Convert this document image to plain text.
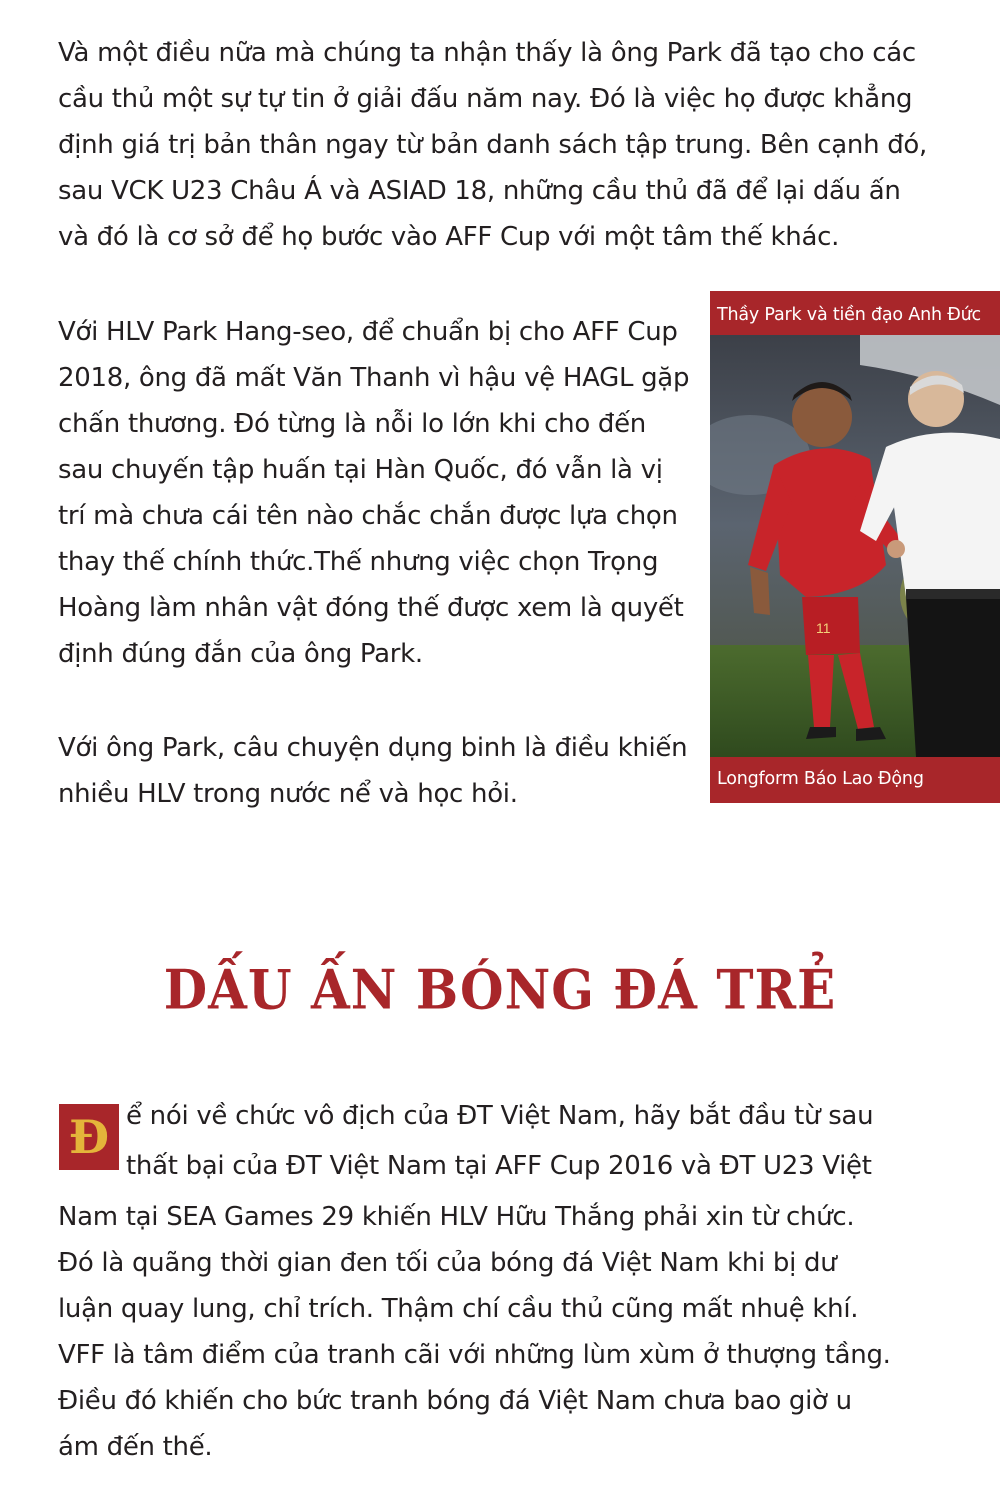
Và một điều nữa mà chúng ta nhận thấy là ông Park đã tạo cho các
cầu thủ một sự tự tin ở giải đấu năm nay. Đó là việc họ được khẳng
định giá trị bản thân ngay từ bản danh sách tập trung. Bên cạnh đó,
sau VCK U23 Châu Á và ASIAD 18, những cầu thủ đã để lại dấu ấn
và đó là cơ sở để họ bước vào AFF Cup với một tâm thế khác.

Với HLV Park Hang-seo, để chuẩn bị cho AFF Cup
2018, ông đã mất Văn Thanh vì hậu vệ HAGL gặp
chấn thương. Đó từng là nỗi lo lớn khi cho đến
sau chuyến tập huấn tại Hàn Quốc, đó vẫn là vị
trí mà chưa cái tên nào chắc chắn được lựa chọn
thay thế chính thức.Thế nhưng việc chọn Trọng
Hoàng làm nhân vật đóng thế được xem là quyết
định đúng đắn của ông Park.

Với ông Park, câu chuyện dụng binh là điều khiến
nhiều HLV trong nước nể và học hỏi.

Thầy Park và tiền đạo Anh Đức
11
Longform Báo Lao Động
DẤU ẤN BÓNG ĐÁ TRẺ
Đ ể nói về chức vô địch của ĐT Việt Nam, hãy bắt đầu từ sau
thất bại của ĐT Việt Nam tại AFF Cup 2016 và ĐT U23 Việt

Nam tại SEA Games 29 khiến HLV Hữu Thắng phải xin từ chức.
Đó là quãng thời gian đen tối của bóng đá Việt Nam khi bị dư
luận quay lung, chỉ trích. Thậm chí cầu thủ cũng mất nhuệ khí.
VFF là tâm điểm của tranh cãi với những lùm xùm ở thượng tầng.
Điều đó khiến cho bức tranh bóng đá Việt Nam chưa bao giờ u
ám đến thế.
